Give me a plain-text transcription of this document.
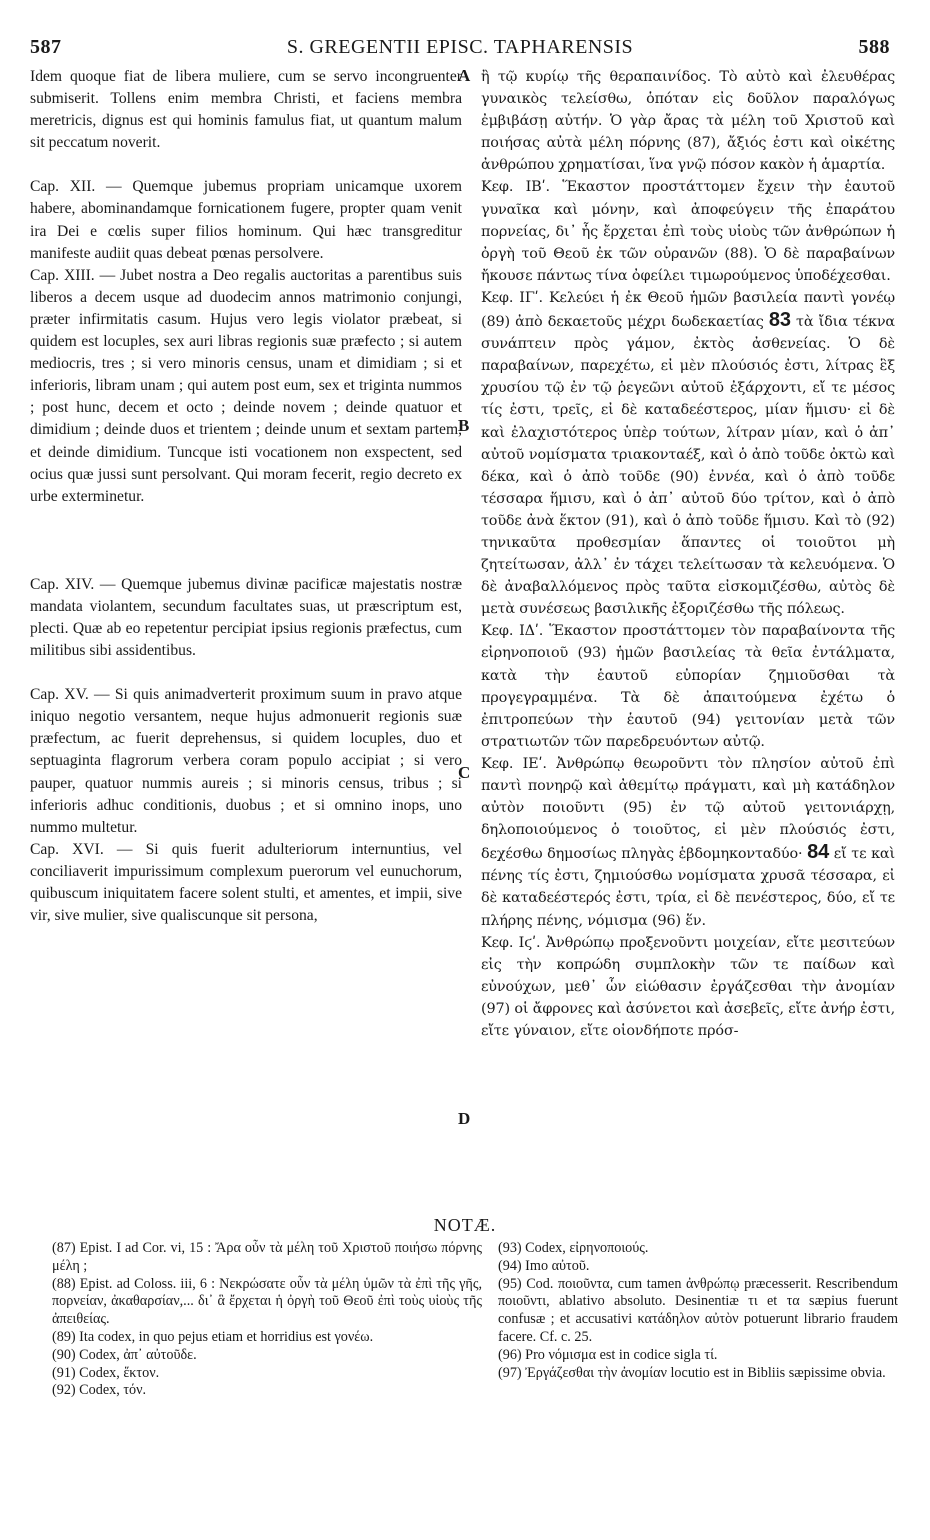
587	S. GREGENTII EPISC. TAPHARENSIS	588

Idem quoque fiat de libera muliere, cum se servo incongruenter submiserit. Tollens enim membra Christi, et faciens membra meretricis, dignus est qui hominis famulus fiat, ut quantum malum sit peccatum noverit.

Cap. XII. — Quemque jubemus propriam unicamque uxorem habere, abominandamque fornicationem fugere, propter quam venit ira Dei e cœlis super filios hominum. Qui hæc transgreditur manifeste audiit quas debeat pœnas persolvere.

Cap. XIII. — Jubet nostra a Deo regalis auctoritas a parentibus suis liberos a decem usque ad duodecim annos matrimonio conjungi, præter infirmitatis casum. Hujus vero legis violator præbeat, si quidem est locuples, sex auri libras regionis suæ præfecto ; si autem mediocris, tres ; si vero minoris census, unam et dimidiam ; si et inferioris, libram unam ; qui autem post eum, sex et triginta nummos ; post hunc, decem et octo ; deinde novem ; deinde quatuor et dimidium ; deinde duos et trientem ; deinde unum et sextam partem, et deinde dimidium. Tuncque isti vocationem non exspectent, sed ocius quæ jussi sunt persolvant. Qui moram fecerit, regio decreto ex urbe exterminetur.

Cap. XIV. — Quemque jubemus divinæ pacificæ majestatis nostræ mandata violantem, secundum facultates suas, ut præscriptum est, plecti. Quæ ab eo repetentur percipiat ipsius regionis præfectus, cum militibus sibi assidentibus.

Cap. XV. — Si quis animadverterit proximum suum in pravo atque iniquo negotio versantem, neque hujus admonuerit regionis suæ præfectum, ac fuerit deprehensus, si quidem locuples, duo et septuaginta flagrorum verbera coram populo accipiat ; si vero pauper, quatuor nummis aureis ; si minoris census, tribus ; si inferioris adhuc conditionis, duobus ; et si omnino inops, uno nummo multetur.

Cap. XVI. — Si quis fuerit adulteriorum internuntius, vel conciliaverit impurissimum complexum puerorum vel eunuchorum, quibuscum iniquitatem facere solent stulti, et amentes, et impii, sive vir, sive mulier, sive qualiscunque sit persona,

A
B
C
D

ἢ τῷ κυρίῳ τῆς θεραπαινίδος. Τὸ αὐτὸ καὶ ἐλευθέρας γυναικὸς τελείσθω, ὁπόταν εἰς δοῦλον παραλόγως ἐμβιβάσῃ αὐτήν. Ὁ γὰρ ἄρας τὰ μέλη τοῦ Χριστοῦ καὶ ποιήσας αὐτὰ μέλη πόρνης (87), ἄξιός ἐστι καὶ οἰκέτης ἀνθρώπου χρηματίσαι, ἵνα γνῷ πόσον κακὸν ἡ ἁμαρτία.

Κεφ. ΙΒʹ. Ἕκαστον προστάττομεν ἔχειν τὴν ἑαυτοῦ γυναῖκα καὶ μόνην, καὶ ἀποφεύγειν τῆς ἐπαράτου πορνείας, δι᾽ ἧς ἔρχεται ἐπὶ τοὺς υἱοὺς τῶν ἀνθρώπων ἡ ὀργὴ τοῦ Θεοῦ ἐκ τῶν οὐρανῶν (88). Ὁ δὲ παραβαίνων ἤκουσε πάντως τίνα ὀφείλει τιμωρούμενος ὑποδέχεσθαι.

Κεφ. ΙΓʹ. Κελεύει ἡ ἐκ Θεοῦ ἡμῶν βασιλεία παντὶ γονέῳ (89) ἀπὸ δεκαετοῦς μέχρι δωδεκαετίας 83 τὰ ἴδια τέκνα συνάπτειν πρὸς γάμον, ἐκτὸς ἀσθενείας. Ὁ δὲ παραβαίνων, παρεχέτω, εἰ μὲν πλούσιός ἐστι, λίτρας ἓξ χρυσίου τῷ ἐν τῷ ῥεγεῶνι αὐτοῦ ἐξάρχοντι, εἴ τε μέσος τίς ἐστι, τρεῖς, εἰ δὲ καταδεέστερος, μίαν ἥμισυ· εἰ δὲ καὶ ἐλαχιστότερος ὑπὲρ τούτων, λίτραν μίαν, καὶ ὁ ἀπ᾽ αὐτοῦ νομίσματα τριακονταέξ, καὶ ὁ ἀπὸ τοῦδε ὀκτὼ καὶ δέκα, καὶ ὁ ἀπὸ τοῦδε (90) ἐννέα, καὶ ὁ ἀπὸ τοῦδε τέσσαρα ἥμισυ, καὶ ὁ ἀπ᾽ αὐτοῦ δύο τρίτον, καὶ ὁ ἀπὸ τοῦδε ἀνὰ ἕκτον (91), καὶ ὁ ἀπὸ τοῦδε ἥμισυ. Καὶ τὸ (92) τηνικαῦτα προθεσμίαν ἅπαντες οἱ τοιοῦτοι μὴ ζητείτωσαν, ἀλλ᾽ ἐν τάχει τελείτωσαν τὰ κελευόμενα. Ὁ δὲ ἀναβαλλόμενος πρὸς ταῦτα εἰσκομιζέσθω, αὐτὸς δὲ μετὰ συνέσεως βασιλικῆς ἐξοριζέσθω τῆς πόλεως.

Κεφ. ΙΔʹ. Ἕκαστον προστάττομεν τὸν παραβαίνοντα τῆς εἰρηνοποιοῦ (93) ἡμῶν βασιλείας τὰ θεῖα ἐντάλματα, κατὰ τὴν ἑαυτοῦ εὐπορίαν ζημιοῦσθαι τὰ προγεγραμμένα. Τὰ δὲ ἀπαιτούμενα ἐχέτω ὁ ἐπιτροπεύων τὴν ἑαυτοῦ (94) γειτονίαν μετὰ τῶν στρατιωτῶν τῶν παρεδρευόντων αὐτῷ.

Κεφ. ΙΕʹ. Ἀνθρώπῳ θεωροῦντι τὸν πλησίον αὐτοῦ ἐπὶ παντὶ πονηρῷ καὶ ἀθεμίτῳ πράγματι, καὶ μὴ κατάδηλον αὐτὸν ποιοῦντι (95) ἐν τῷ αὐτοῦ γειτονιάρχῃ, δηλοποιούμενος ὁ τοιοῦτος, εἰ μὲν πλούσιός ἐστι, δεχέσθω δημοσίως πληγὰς ἑβδομηκονταδύο· 84 εἴ τε καὶ πένης τίς ἐστι, ζημιούσθω νομίσματα χρυσᾶ τέσσαρα, εἰ δὲ καταδεέστερός ἐστι, τρία, εἰ δὲ πενέστερος, δύο, εἴ τε πλήρης πένης, νόμισμα (96) ἕν.

Κεφ. Ιϛʹ. Ἀνθρώπῳ προξενοῦντι μοιχείαν, εἴτε μεσιτεύων εἰς τὴν κοπρώδη συμπλοκὴν τῶν τε παίδων καὶ εὐνούχων, μεθ᾽ ὧν εἰώθασιν ἐργάζεσθαι τὴν ἀνομίαν (97) οἱ ἄφρονες καὶ ἀσύνετοι καὶ ἀσεβεῖς, εἴτε ἀνήρ ἐστι, εἴτε γύναιον, εἴτε οἱονδήποτε πρόσ-

NOTÆ.

(87) Epist. I ad Cor. vi, 15 : Ἄρα οὖν τὰ μέλη τοῦ Χριστοῦ ποιήσω πόρνης μέλη ;

(88) Epist. ad Coloss. iii, 6 : Νεκρώσατε οὖν τὰ μέλη ὑμῶν τὰ ἐπὶ τῆς γῆς, πορνείαν, ἀκαθαρσίαν,... δι᾽ ἃ ἔρχεται ἡ ὀργὴ τοῦ Θεοῦ ἐπὶ τοὺς υἱοὺς τῆς ἀπειθείας.

(89) Ita codex, in quo pejus etiam et horridius est γονέω.

(90) Codex, ἀπ᾽ αὐτοῦδε.

(91) Codex, ἕκτον.

(92) Codex, τόν.

(93) Codex, εἰρηνοποιούς.

(94) Imo αὐτοῦ.

(95) Cod. ποιοῦντα, cum tamen ἀνθρώπῳ præcesserit. Rescribendum ποιοῦντι, ablativo absoluto. Desinentiæ τι et τα sæpius fuerunt confusæ ; et accusativi κατάδηλον αὐτὸν potuerunt librario fraudem facere. Cf. c. 25.

(96) Pro νόμισμα est in codice sigla τί.

(97) Ἐργάζεσθαι τὴν ἀνομίαν locutio est in Bibliis sæpissime obvia.
